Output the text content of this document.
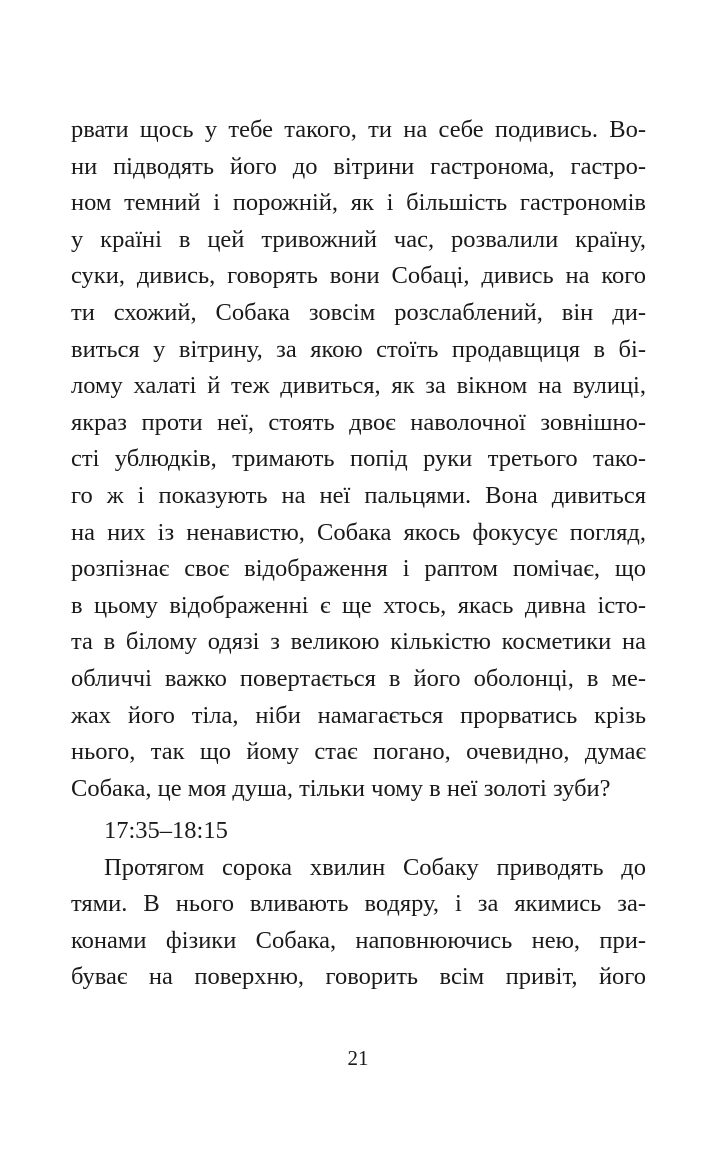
рвати щось у тебе такого, ти на себе подивись. Во-
ни підводять його до вітрини гастронома, гастро-
ном темний і порожній, як і більшість гастрономів
у країні в цей тривожний час, розвалили країну,
суки, дивись, говорять вони Собаці, дивись на кого
ти схожий, Собака зовсім розслаблений, він ди-
виться у вітрину, за якою стоїть продавщиця в бі-
лому халаті й теж дивиться, як за вікном на вулиці,
якраз проти неї, стоять двоє наволочної зовнішно-
сті ублюдків, тримають попід руки третього тако-
го ж і показують на неї пальцями. Вона дивиться
на них із ненавистю, Собака якось фокусує погляд,
розпізнає своє відображення і раптом помічає, що
в цьому відображенні є ще хтось, якась дивна істо-
та в білому одязі з великою кількістю косметики на
обличчі важко повертається в його оболонці, в ме-
жах його тіла, ніби намагається прорватись крізь
нього, так що йому стає погано, очевидно, думає
Собака, це моя душа, тільки чому в неї золоті зуби?
17:35–18:15
Протягом сорока хвилин Собаку приводять до
тями. В нього вливають водяру, і за якимись за-
конами фізики Собака, наповнюючись нею, при-
буває на поверхню, говорить всім привіт, його
21
